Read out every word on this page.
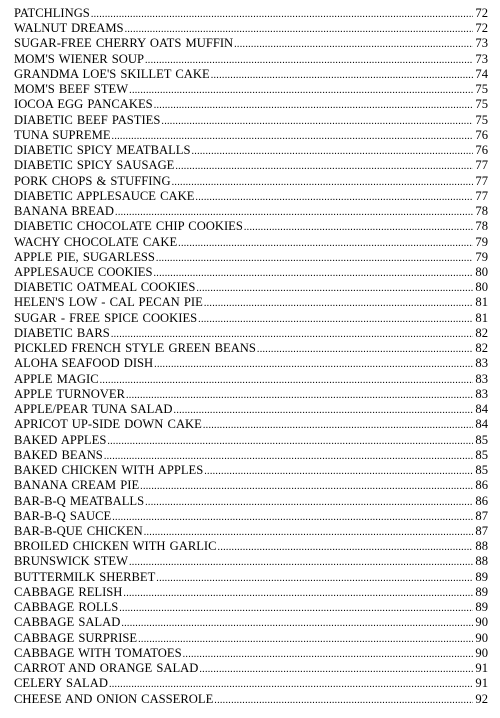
PATCHLINGS .....	72
WALNUT DREAMS .....	72
SUGAR-FREE CHERRY OATS MUFFIN .....	73
MOM'S WIENER SOUP .....	73
GRANDMA LOE'S SKILLET CAKE .....	74
MOM'S BEEF STEW .....	75
IOCOA EGG PANCAKES .....	75
DIABETIC BEEF PASTIES .....	75
TUNA SUPREME .....	76
DIABETIC SPICY MEATBALLS .....	76
DIABETIC SPICY SAUSAGE .....	77
PORK CHOPS & STUFFING .....	77
DIABETIC APPLESAUCE CAKE .....	77
BANANA BREAD .....	78
DIABETIC CHOCOLATE CHIP COOKIES .....	78
WACHY CHOCOLATE CAKE .....	79
APPLE PIE, SUGARLESS .....	79
APPLESAUCE COOKIES .....	80
DIABETIC OATMEAL COOKIES .....	80
HELEN'S LOW - CAL PECAN PIE .....	81
SUGAR - FREE SPICE COOKIES .....	81
DIABETIC BARS .....	82
PICKLED FRENCH STYLE GREEN BEANS .....	82
ALOHA SEAFOOD DISH .....	83
APPLE MAGIC .....	83
APPLE TURNOVER .....	83
APPLE/PEAR TUNA SALAD .....	84
APRICOT UP-SIDE DOWN CAKE .....	84
BAKED APPLES .....	85
BAKED BEANS .....	85
BAKED CHICKEN WITH APPLES .....	85
BANANA CREAM PIE .....	86
BAR-B-Q MEATBALLS .....	86
BAR-B-Q SAUCE .....	87
BAR-B-QUE CHICKEN .....	87
BROILED CHICKEN WITH GARLIC .....	88
BRUNSWICK STEW .....	88
BUTTERMILK SHERBET .....	89
CABBAGE RELISH .....	89
CABBAGE ROLLS .....	89
CABBAGE SALAD .....	90
CABBAGE SURPRISE .....	90
CABBAGE WITH TOMATOES .....	90
CARROT AND ORANGE SALAD .....	91
CELERY SALAD .....	91
CHEESE AND ONION CASSEROLE .....	92
